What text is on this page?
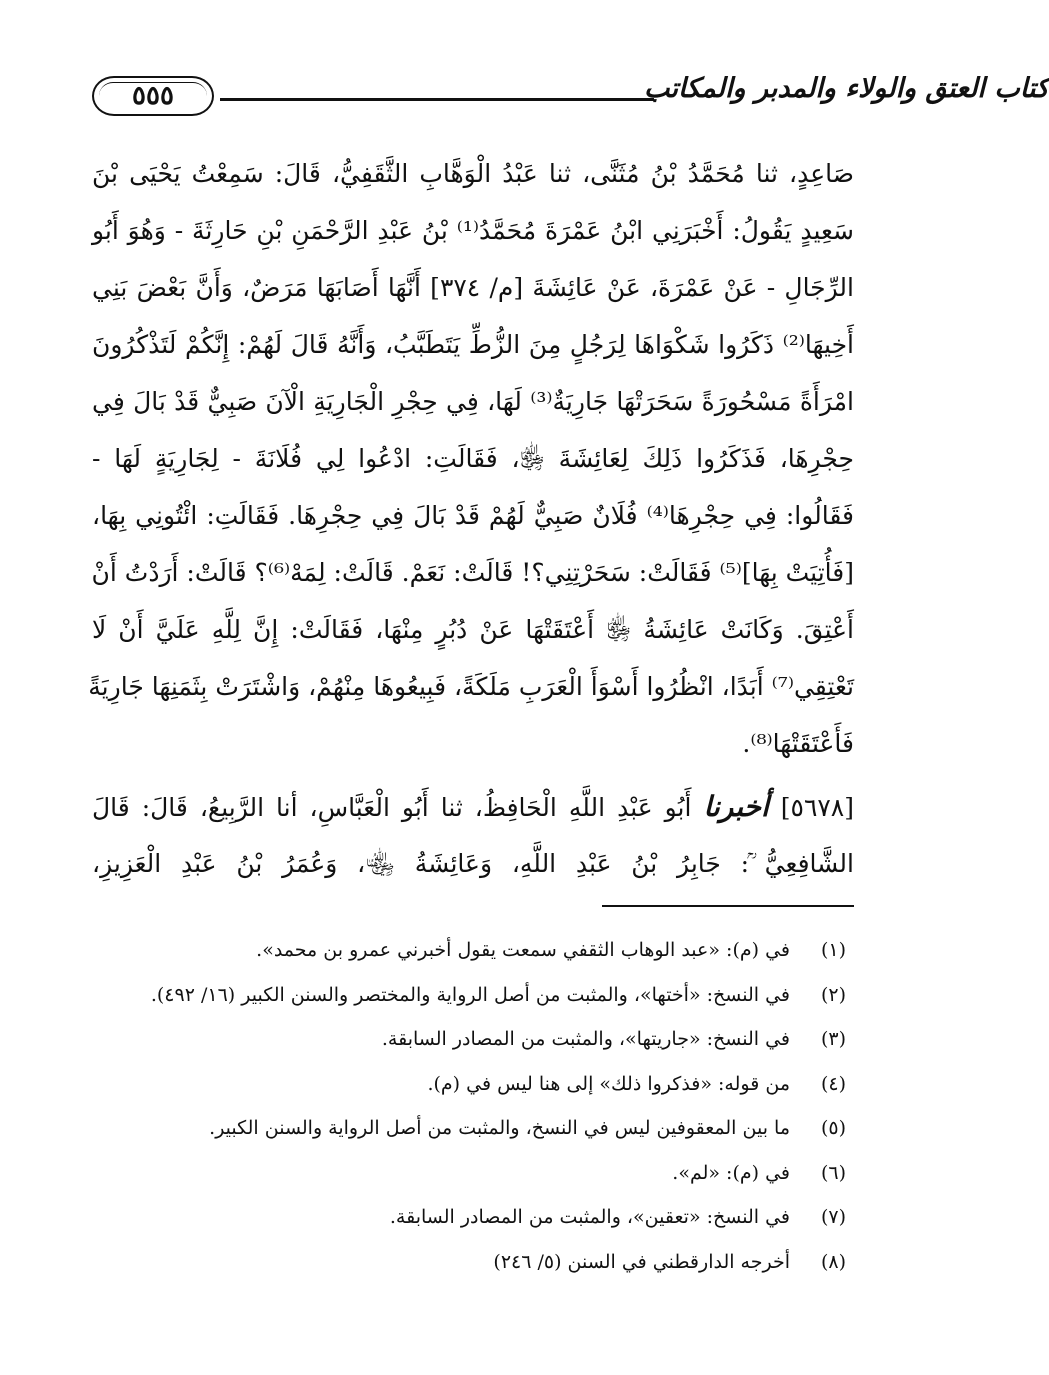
٥٥٥	كتاب العتق والولاء والمدبر والمكاتب
صَاعِدٍ، ثنا مُحَمَّدُ بْنُ مُثَنَّى، ثنا عَبْدُ الْوَهَّابِ الثَّقَفِيُّ، قَالَ: سَمِعْتُ يَحْيَى بْنَ
سَعِيدٍ يَقُولُ: أَخْبَرَنِي ابْنُ عَمْرَةَ مُحَمَّدُ⁽¹⁾ بْنُ عَبْدِ الرَّحْمَنِ بْنِ حَارِثَةَ - وَهُوَ أَبُو
الرِّجَالِ - عَنْ عَمْرَةَ، عَنْ عَائِشَةَ [م/ ٣٧٤] أَنَّهَا أَصَابَهَا مَرَضٌ، وَأَنَّ بَعْضَ بَنِي
أَخِيهَا⁽²⁾ ذَكَرُوا شَكْوَاهَا لِرَجُلٍ مِنَ الزُّطِّ يَتَطَبَّبُ، وَأَنَّهُ قَالَ لَهُمْ: إِنَّكُمْ لَتَذْكُرُونَ
امْرَأَةً مَسْحُورَةً سَحَرَتْهَا جَارِيَةٌ⁽³⁾ لَهَا، فِي حِجْرِ الْجَارِيَةِ الْآنَ صَبِيٌّ قَدْ بَالَ فِي
حِجْرِهَا، فَذَكَرُوا ذَلِكَ لِعَائِشَةَ ﵂، فَقَالَتِ: ادْعُوا لِي فُلَانَةَ - لِجَارِيَةٍ لَهَا -
فَقَالُوا: فِي حِجْرِهَا⁽⁴⁾ فُلَانٌ صَبِيٌّ لَهُمْ قَدْ بَالَ فِي حِجْرِهَا. فَقَالَتِ: ائْتُونِي بِهَا،
[فَأُتِيَتْ بِهَا]⁽⁵⁾ فَقَالَتْ: سَحَرْتِنِي؟! قَالَتْ: نَعَمْ. قَالَتْ: لِمَهْ⁽⁶⁾؟ قَالَتْ: أَرَدْتُ أَنْ
أَعْتِقَ. وَكَانَتْ عَائِشَةُ ﵂ أَعْتَقَتْهَا عَنْ دُبُرٍ مِنْهَا، فَقَالَتْ: إِنَّ لِلَّهِ عَلَيَّ أَنْ لَا
تَعْتِقِي⁽⁷⁾ أَبَدًا، انْظُرُوا أَسْوَأَ الْعَرَبِ مَلَكَةً، فَبِيعُوهَا مِنْهُمْ، وَاشْتَرَتْ بِثَمَنِهَا جَارِيَةً
فَأَعْتَقَتْهَا⁽⁸⁾.
[٥٦٧٨] أخبرنا أَبُو عَبْدِ اللَّهِ الْحَافِظُ، ثنا أَبُو الْعَبَّاسِ، أنا الرَّبِيعُ، قَالَ: قَالَ
الشَّافِعِيُّ ؒ: جَابِرُ بْنُ عَبْدِ اللَّهِ، وَعَائِشَةُ ﵄، وَعُمَرُ بْنُ عَبْدِ الْعَزِيزِ،
(١)
في (م): «عبد الوهاب الثقفي سمعت يقول أخبرني عمرو بن محمد».
(٢)
في النسخ: «أختها»، والمثبت من أصل الرواية والمختصر والسنن الكبير (١٦/ ٤٩٢).
(٣)
في النسخ: «جاريتها»، والمثبت من المصادر السابقة.
(٤)
من قوله: «فذكروا ذلك» إلى هنا ليس في (م).
(٥)
ما بين المعقوفين ليس في النسخ، والمثبت من أصل الرواية والسنن الكبير.
(٦)
في (م): «لم».
(٧)
في النسخ: «تعقين»، والمثبت من المصادر السابقة.
(٨)
أخرجه الدارقطني في السنن (٥/ ٢٤٦)
